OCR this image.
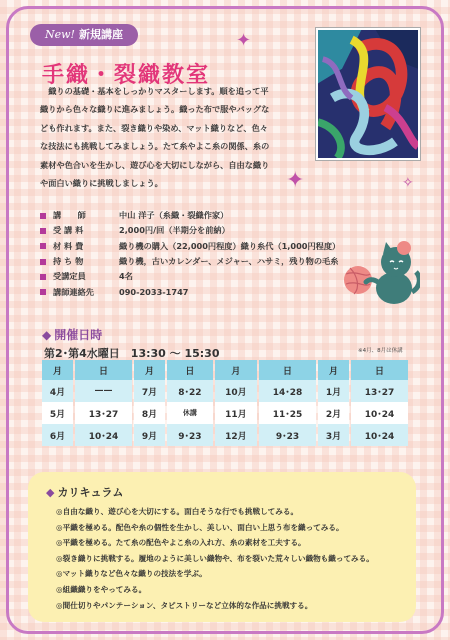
New! 新規講座
手織・裂織教室
織りの基礎・基本をしっかりマスターします。順を追って平織りから色々な織りに進みましょう。織った布で服やバッグなども作れます。また、裂き織りや染め、マット織りなど、色々な技法にも挑戦してみましょう。たて糸やよこ糸の関係、糸の素材や色合いを生かし、遊び心を大切にしながら、自由な織りや面白い織りに挑戦しましょう。
✦
✦	✧
講　　師	中山 洋子（糸織・裂織作家）
受 講 料	2,000円/回（半期分を前納）
材 料 費	織り機の購入（22,000円程度）織り糸代（1,000円程度）
持 ち 物	織り機，古いカレンダー、メジャー、ハサミ，残り物の毛糸
受講定員	4名
講師連絡先	090-2033-1747
◆ 開催日時
第2･第4水曜日　13:30 ～ 15:30	※4月、8月は休講
月	日	月	日	月	日	月	日
4月	——	7月	8･22	10月	14･28	1月	13･27
5月	13･27	8月	休講	11月	11･25	2月	10･24
6月	10･24	9月	9･23	12月	9･23	3月	10･24
◆ カリキュラム
◎自由な織り、遊び心を大切にする。面白そうな行でも挑戦してみる。
◎平織を極める。配色や糸の個性を生かし、美しい、面白い上思う布を織ってみる。
◎平織を極める。たて糸の配色やよこ糸の入れ方、糸の素材を工夫する。
◎裂き織りに挑戦する。履地のように美しい織物や、布を裂いた荒々しい織物も織ってみる。
◎マット織りなど色々な織りの技法を学ぶ。
◎組織織りをやってみる。
◎間仕切りやパンテーション、タピストリーなど立体的な作品に挑戦する。
